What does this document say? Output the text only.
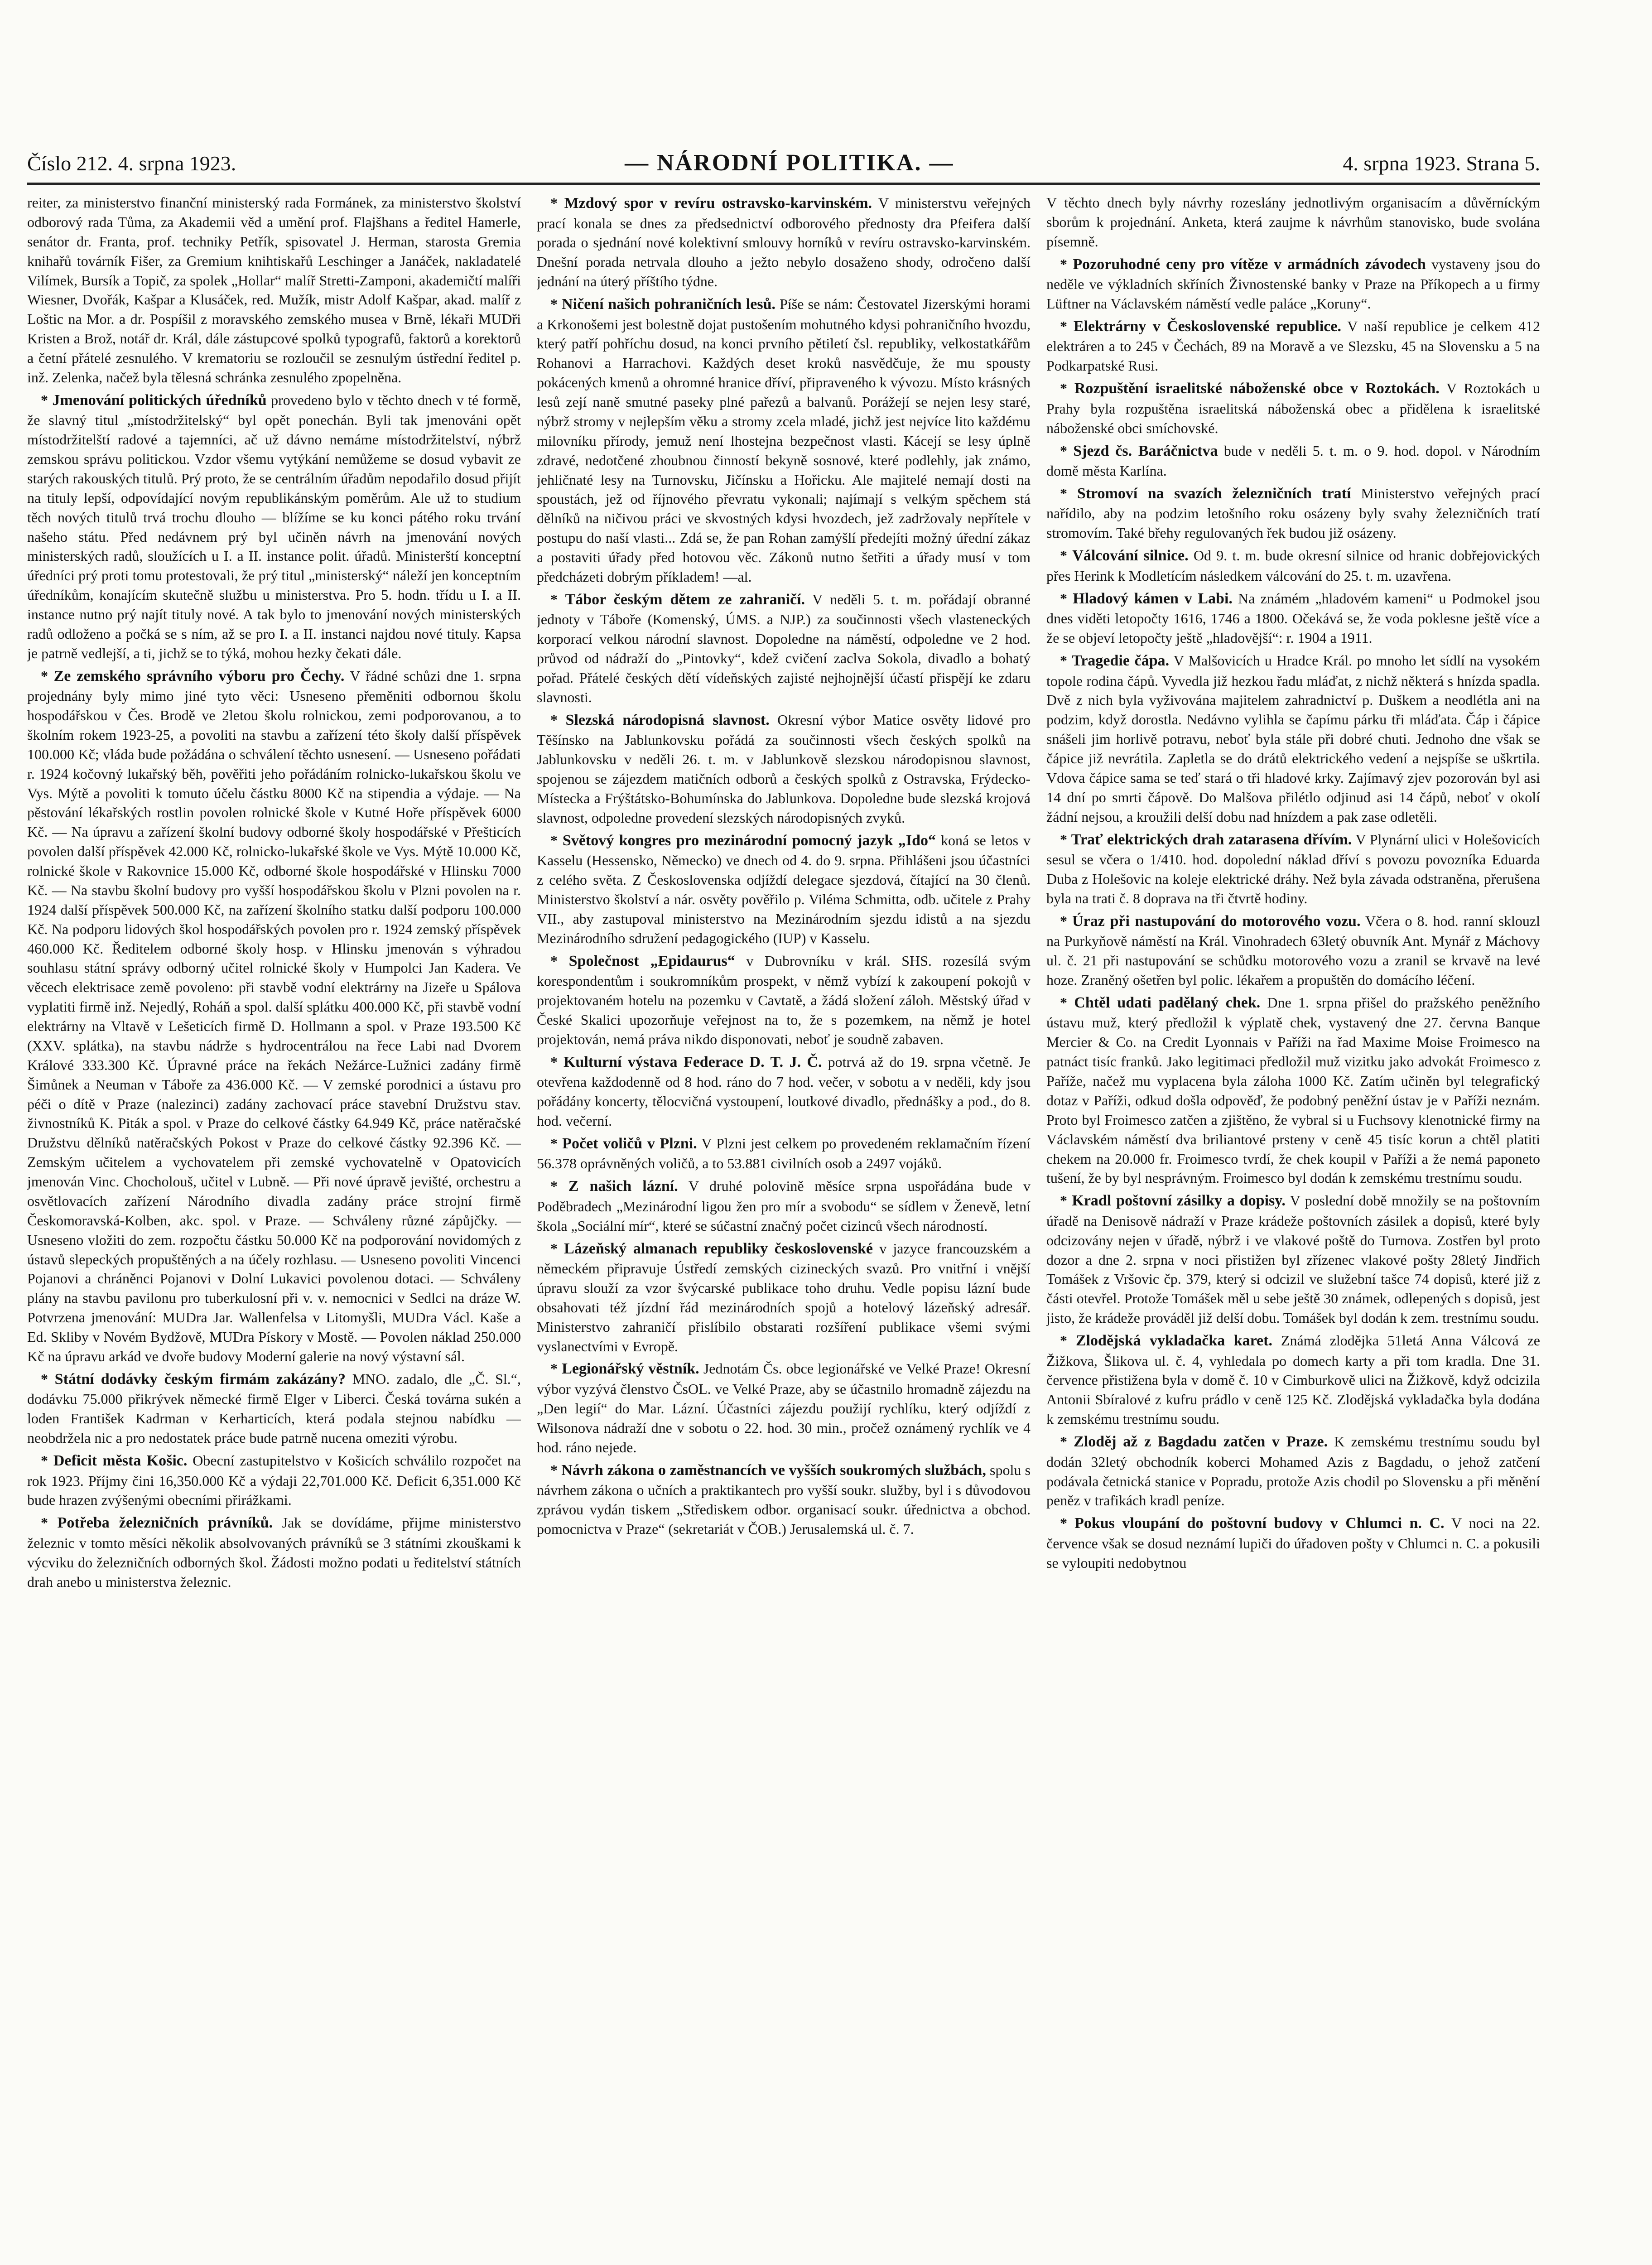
Číslo 212. 4. srpna 1923.	— NÁRODNÍ POLITIKA. —	4. srpna 1923. Strana 5.

reiter, za ministerstvo finanční ministerský rada Formánek, za ministerstvo školství odborový rada Tůma, za Akademii věd a umění prof. Flajšhans a ředitel Hamerle, senátor dr. Franta, prof. techniky Petřík, spisovatel J. Herman, starosta Gremia knihařů továrník Fišer, za Gremium knihtiskařů Leschinger a Janáček, nakladatelé Vilímek, Bursík a Topič, za spolek „Hollar“ malíř Stretti-Zamponi, akademičtí malíři Wiesner, Dvořák, Kašpar a Klusáček, red. Mužík, mistr Adolf Kašpar, akad. malíř z Loštic na Mor. a dr. Pospíšil z moravského zemského musea v Brně, lékaři MUDři Kristen a Brož, notář dr. Král, dále zástupcové spolků typografů, faktorů a korektorů a četní přátelé zesnulého. V krematoriu se rozloučil se zesnulým ústřední ředitel p. inž. Zelenka, načež byla tělesná schránka zesnulého zpopelněna.

* Jmenování politických úředníků provedeno bylo v těchto dnech v té formě, že slavný titul „místodržitelský“ byl opět ponechán. Byli tak jmenováni opět místodržitelští radové a tajemníci, ač už dávno nemáme místodržitelství, nýbrž zemskou správu politickou. Vzdor všemu vytýkání nemůžeme se dosud vybavit ze starých rakouských titulů. Prý proto, že se centrálním úřadům nepodařilo dosud přijít na tituly lepší, odpovídající novým republikánským poměrům. Ale už to studium těch nových titulů trvá trochu dlouho — blížíme se ku konci pátého roku trvání našeho státu. Před nedávnem prý byl učiněn návrh na jmenování nových ministerských radů, sloužících u I. a II. instance polit. úřadů. Ministerští konceptní úředníci prý proti tomu protestovali, že prý titul „ministerský“ náleží jen konceptním úředníkům, konajícím skutečně službu u ministerstva. Pro 5. hodn. třídu u I. a II. instance nutno prý najít tituly nové. A tak bylo to jmenování nových ministerských radů odloženo a počká se s ním, až se pro I. a II. instanci najdou nové tituly. Kapsa je patrně vedlejší, a ti, jichž se to týká, mohou hezky čekati dále.

* Ze zemského správního výboru pro Čechy. V řádné schůzi dne 1. srpna projednány byly mimo jiné tyto věci: Usneseno přeměniti odbornou školu hospodářskou v Čes. Brodě ve 2letou školu rolnickou, zemi podporovanou, a to školním rokem 1923-25, a povoliti na stavbu a zařízení této školy další příspěvek 100.000 Kč; vláda bude požádána o schválení těchto usnesení. — Usneseno pořádati r. 1924 kočovný lukařský běh, pověřiti jeho pořádáním rolnicko-lukařskou školu ve Vys. Mýtě a povoliti k tomuto účelu částku 8000 Kč na stipendia a výdaje. — Na pěstování lékařských rostlin povolen rolnické škole v Kutné Hoře příspěvek 6000 Kč. — Na úpravu a zařízení školní budovy odborné školy hospodářské v Přešticích povolen další příspěvek 42.000 Kč, rolnicko-lukařské škole ve Vys. Mýtě 10.000 Kč, rolnické škole v Rakovnice 15.000 Kč, odborné škole hospodářské v Hlinsku 7000 Kč. — Na stavbu školní budovy pro vyšší hospodářskou školu v Plzni povolen na r. 1924 další příspěvek 500.000 Kč, na zařízení školního statku další podporu 100.000 Kč. Na podporu lidových škol hospodářských povolen pro r. 1924 zemský příspěvek 460.000 Kč. Ředitelem odborné školy hosp. v Hlinsku jmenován s výhradou souhlasu státní správy odborný učitel rolnické školy v Humpolci Jan Kadera. Ve věcech elektrisace země povoleno: při stavbě vodní elektrárny na Jizeře u Spálova vyplatiti firmě inž. Nejedlý, Roháň a spol. další splátku 400.000 Kč, při stavbě vodní elektrárny na Vltavě v Lešeticích firmě D. Hollmann a spol. v Praze 193.500 Kč (XXV. splátka), na stavbu nádrže s hydrocentrálou na řece Labi nad Dvorem Králové 333.300 Kč. Úpravné práce na řekách Nežárce-Lužnici zadány firmě Šimůnek a Neuman v Táboře za 436.000 Kč. — V zemské porodnici a ústavu pro péči o dítě v Praze (nalezinci) zadány zachovací práce stavební Družstvu stav. živnostníků K. Piták a spol. v Praze do celkové částky 64.949 Kč, práce natěračské Družstvu dělníků natěračských Pokost v Praze do celkové částky 92.396 Kč. — Zemským učitelem a vychovatelem při zemské vychovatelně v Opatovicích jmenován Vinc. Chocholouš, učitel v Lubně. — Při nové úpravě jevišté, orchestru a osvětlovacích zařízení Národního divadla zadány práce strojní firmě Českomoravská-Kolben, akc. spol. v Praze. — Schváleny různé zápůjčky. — Usneseno vložiti do zem. rozpočtu částku 50.000 Kč na podporování novidomých z ústavů slepeckých propuštěných a na účely rozhlasu. — Usneseno povoliti Vincenci Pojanovi a chráněnci Pojanovi v Dolní Lukavici povolenou dotaci. — Schváleny plány na stavbu pavilonu pro tuberkulosní při v. v. nemocnici v Sedlci na dráze W. Potvrzena jmenování: MUDra Jar. Wallenfelsa v Litomyšli, MUDra Václ. Kaše a Ed. Skliby v Novém Bydžově, MUDra Pískory v Mostě. — Povolen náklad 250.000 Kč na úpravu arkád ve dvoře budovy Moderní galerie na nový výstavní sál.

* Státní dodávky českým firmám zakázány? MNO. zadalo, dle „Č. Sl.“, dodávku 75.000 přikrývek německé firmě Elger v Liberci. Česká továrna sukén a loden František Kadrman v Kerharticích, která podala stejnou nabídku — neobdržela nic a pro nedostatek práce bude patrně nucena omeziti výrobu.

* Deficit města Košic. Obecní zastupitelstvo v Košicích schválilo rozpočet na rok 1923. Příjmy čini 16,350.000 Kč a výdaji 22,701.000 Kč. Deficit 6,351.000 Kč bude hrazen zvýšenými obecními přirážkami.

* Potřeba železničních právníků. Jak se dovídáme, přijme ministerstvo železnic v tomto měsíci několik absolvovaných právníků se 3 státními zkouškami k výcviku do železničních odborných škol. Žádosti možno podati u ředitelství státních drah anebo u ministerstva železnic.

* Mzdový spor v revíru ostravsko-karvinském. V ministerstvu veřejných prací konala se dnes za předsednictví odborového přednosty dra Pfeifera další porada o sjednání nové kolektivní smlouvy horníků v revíru ostravsko-karvinském. Dnešní porada netrvala dlouho a ježto nebylo dosaženo shody, odročeno další jednání na úterý příštího týdne.

* Ničení našich pohraničních lesů. Píše se nám: Čestovatel Jizerskými horami a Krkonošemi jest bolestně dojat pustošením mohutného kdysi pohraničního hvozdu, který patří pohříchu dosud, na konci prvního pětiletí čsl. republiky, velkostatkářům Rohanovi a Harrachovi. Každých deset kroků nasvědčuje, že mu spousty pokácených kmenů a ohromné hranice dříví, připraveného k vývozu. Místo krásných lesů zejí naně smutné paseky plné pařezů a balvanů. Porážejí se nejen lesy staré, nýbrž stromy v nejlepším věku a stromy zcela mladé, jichž jest nejvíce lito každému milovníku přírody, jemuž není lhostejna bezpečnost vlasti. Kácejí se lesy úplně zdravé, nedotčené zhoubnou činností bekyně sosnové, které podlehly, jak známo, jehličnaté lesy na Turnovsku, Jičínsku a Hořicku. Ale majitelé nemají dosti na spoustách, jež od říjnového převratu vykonali; najímají s velkým spěchem stá dělníků na ničivou práci ve skvostných kdysi hvozdech, jež zadržovaly nepřítele v postupu do naší vlasti... Zdá se, že pan Rohan zamýšlí předejíti možný úřední zákaz a postaviti úřady před hotovou věc. Zákonů nutno šetřiti a úřady musí v tom předcházeti dobrým příkladem! —al.

* Tábor českým dětem ze zahraničí. V neděli 5. t. m. pořádají obranné jednoty v Táboře (Komenský, ÚMS. a NJP.) za součinnosti všech vlasteneckých korporací velkou národní slavnost. Dopoledne na náměstí, odpoledne ve 2 hod. průvod od nádraží do „Pintovky“, kdež cvičení zaclva Sokola, divadlo a bohatý pořad. Přátelé českých dětí vídeňských zajisté nejhojnější účastí přispějí ke zdaru slavnosti.

* Slezská národopisná slavnost. Okresní výbor Matice osvěty lidové pro Těšínsko na Jablunkovsku pořádá za součinnosti všech českých spolků na Jablunkovsku v neděli 26. t. m. v Jablunkově slezskou národopisnou slavnost, spojenou se zájezdem matičních odborů a českých spolků z Ostravska, Frýdecko-Místecka a Frýštátsko-Bohumínska do Jablunkova. Dopoledne bude slezská krojová slavnost, odpoledne provedení slezských národopisných zvyků.

* Světový kongres pro mezinárodní pomocný jazyk „Ido“ koná se letos v Kasselu (Hessensko, Německo) ve dnech od 4. do 9. srpna. Přihlášeni jsou účastníci z celého světa. Z Československa odjíždí delegace sjezdová, čítající na 30 členů. Ministerstvo školství a nár. osvěty pověřilo p. Viléma Schmitta, odb. učitele z Prahy VII., aby zastupoval ministerstvo na Mezinárodním sjezdu idistů a na sjezdu Mezinárodního sdružení pedagogického (IUP) v Kasselu.

* Společnost „Epidaurus“ v Dubrovníku v král. SHS. rozesílá svým korespondentům i soukromníkům prospekt, v němž vybízí k zakoupení pokojů v projektovaném hotelu na pozemku v Cavtatě, a žádá složení záloh. Městský úřad v České Skalici upozorňuje veřejnost na to, že s pozemkem, na němž je hotel projektován, nemá práva nikdo disponovati, neboť je soudně zabaven.

* Kulturní výstava Federace D. T. J. Č. potrvá až do 19. srpna včetně. Je otevřena každodenně od 8 hod. ráno do 7 hod. večer, v sobotu a v neděli, kdy jsou pořádány koncerty, tělocvičná vystoupení, loutkové divadlo, přednášky a pod., do 8. hod. večerní.

* Počet voličů v Plzni. V Plzni jest celkem po provedeném reklamačním řízení 56.378 oprávněných voličů, a to 53.881 civilních osob a 2497 vojáků.

* Z našich lázní. V druhé polovině měsíce srpna uspořádána bude v Poděbradech „Mezinárodní ligou žen pro mír a svobodu“ se sídlem v Ženevě, letní škola „Sociální mír“, které se súčastní značný počet cizinců všech národností.

* Lázeňský almanach republiky československé v jazyce francouzském a německém připravuje Ústředí zemských cizineckých svazů. Pro vnitřní i vnější úpravu slouží za vzor švýcarské publikace toho druhu. Vedle popisu lázní bude obsahovati též jízdní řád mezinárodních spojů a hotelový lázeňský adresář. Ministerstvo zahraničí přislíbilo obstarati rozšíření publikace všemi svými vyslanectvími v Evropě.

* Legionářský věstník. Jednotám Čs. obce legionářské ve Velké Praze! Okresní výbor vyzývá členstvo ČsOL. ve Velké Praze, aby se účastnilo hromadně zájezdu na „Den legií“ do Mar. Lázní. Účastníci zájezdu použijí rychlíku, který odjíždí z Wilsonova nádraží dne v sobotu o 22. hod. 30 min., pročež oznámený rychlík ve 4 hod. ráno nejede.

* Návrh zákona o zaměstnancích ve vyšších soukromých službách, spolu s návrhem zákona o učních a praktikantech pro vyšší soukr. služby, byl i s důvodovou zprávou vydán tiskem „Střediskem odbor. organisací soukr. úřednictva a obchod. pomocnictva v Praze“ (sekretariát v ČOB.) Jerusalemská ul. č. 7.

V těchto dnech byly návrhy rozeslány jednotlivým organisacím a důvěrníckým sborům k projednání. Anketa, která zaujme k návrhům stanovisko, bude svolána písemně.

* Pozoruhodné ceny pro vítěze v armádních závodech vystaveny jsou do neděle ve výkladních skříních Živnostenské banky v Praze na Příkopech a u firmy Lüftner na Václavském náměstí vedle paláce „Koruny“.

* Elektrárny v Československé republice. V naší republice je celkem 412 elektráren a to 245 v Čechách, 89 na Moravě a ve Slezsku, 45 na Slovensku a 5 na Podkarpatské Rusi.

* Rozpuštění israelitské náboženské obce v Roztokách. V Roztokách u Prahy byla rozpuštěna israelitská náboženská obec a přidělena k israelitské náboženské obci smíchovské.

* Sjezd čs. Baráčnictva bude v neděli 5. t. m. o 9. hod. dopol. v Národním domě města Karlína.

* Stromoví na svazích železničních tratí Ministerstvo veřejných prací nařídilo, aby na podzim letošního roku osázeny byly svahy železničních tratí stromovím. Také břehy regulovaných řek budou již osázeny.

* Válcování silnice. Od 9. t. m. bude okresní silnice od hranic dobřejovických přes Herink k Modletícím následkem válcování do 25. t. m. uzavřena.

* Hladový kámen v Labi. Na známém „hladovém kameni“ u Podmokel jsou dnes viděti letopočty 1616, 1746 a 1800. Očekává se, že voda poklesne ještě více a že se objeví letopočty ještě „hladovější“: r. 1904 a 1911.

* Tragedie čápa. V Malšovicích u Hradce Král. po mnoho let sídlí na vysokém topole rodina čápů. Vyvedla již hezkou řadu mláďat, z nichž některá s hnízda spadla. Dvě z nich byla vyživována majitelem zahradnictví p. Duškem a neodlétla ani na podzim, když dorostla. Nedávno vylihla se čapímu párku tři mláďata. Čáp i čápice snášeli jim horlivě potravu, neboť byla stále při dobré chuti. Jednoho dne však se čápice již nevrátila. Zapletla se do drátů elektrického vedení a nejspíše se uškrtila. Vdova čápice sama se teď stará o tři hladové krky. Zajímavý zjev pozorován byl asi 14 dní po smrti čápově. Do Malšova přilétlo odjinud asi 14 čápů, neboť v okolí žádní nejsou, a kroužili delší dobu nad hnízdem a pak zase odletěli.

* Trať elektrických drah zatarasena dřívím. V Plynární ulici v Holešovicích sesul se včera o 1/410. hod. dopolední náklad dříví s povozu povozníka Eduarda Duba z Holešovic na koleje elektrické dráhy. Než byla závada odstraněna, přerušena byla na trati č. 8 doprava na tři čtvrtě hodiny.

* Úraz při nastupování do motorového vozu. Včera o 8. hod. ranní sklouzl na Purkyňově náměstí na Král. Vinohradech 63letý obuvník Ant. Mynář z Máchovy ul. č. 21 při nastupování se schůdku motorového vozu a zranil se krvavě na levé hoze. Zraněný ošetřen byl polic. lékařem a propuštěn do domácího léčení.

* Chtěl udati padělaný chek. Dne 1. srpna přišel do pražského peněžního ústavu muž, který předložil k výplatě chek, vystavený dne 27. června Banque Mercier & Co. na Credit Lyonnais v Paříži na řad Maxime Moise Froimesco na patnáct tisíc franků. Jako legitimaci předložil muž vizitku jako advokát Froimesco z Paříže, načež mu vyplacena byla zálohа 1000 Kč. Zatím učiněn byl telegrafický dotaz v Paříži, odkud došla odpověď, že podobný peněžní ústav je v Paříži neznám. Proto byl Froimesco zatčen a zjištěno, že vybral si u Fuchsovy klenotnické firmy na Václavském náměstí dva briliantové prsteny v ceně 45 tisíc korun a chtěl platiti chekem na 20.000 fr. Froimesco tvrdí, že chek koupil v Paříži a že nemá paponeto tušení, že by byl nesprávným. Froimesco byl dodán k zemskému trestnímu soudu.

* Kradl poštovní zásilky a dopisy. V poslední době množily se na poštovním úřadě na Denisově nádraží v Praze krádeže poštovních zásilek a dopisů, které byly odcizovány nejen v úřadě, nýbrž i ve vlakové poště do Turnova. Zostřen byl proto dozor a dne 2. srpna v noci přistižen byl zřízenec vlakové pošty 28letý Jindřich Tomášek z Vršovic čp. 379, který si odcizil ve služební tašce 74 dopisů, které již z části otevřel. Protože Tomášek měl u sebe ještě 30 známek, odlepených s dopisů, jest jisto, že krádeže prováděl již delší dobu. Tomášek byl dodán k zem. trestnímu soudu.

* Zlodějská vykladačka karet. Známá zlodějka 51letá Anna Válcová ze Žižkova, Šlikova ul. č. 4, vyhledala po domech karty a při tom kradla. Dne 31. července přistižena byla v domě č. 10 v Cimburkově ulici na Žižkově, když odcizila Antonii Sbíralové z kufru prádlo v ceně 125 Kč. Zlodějská vykladačka byla dodána k zemskému trestnímu soudu.

* Zloděj až z Bagdadu zatčen v Praze. K zemskému trestnímu soudu byl dodán 32letý obchodník koberci Mohamed Azis z Bagdadu, o jehož zatčení podávala četnická stanice v Popradu, protože Azis chodil po Slovensku a při měnění peněz v trafikách kradl peníze.

* Pokus vloupání do poštovní budovy v Chlumci n. C. V noci na 22. července však se dosud neznámí lupiči do úřadoven pošty v Chlumci n. C. a pokusili se vyloupiti nedobytnou
